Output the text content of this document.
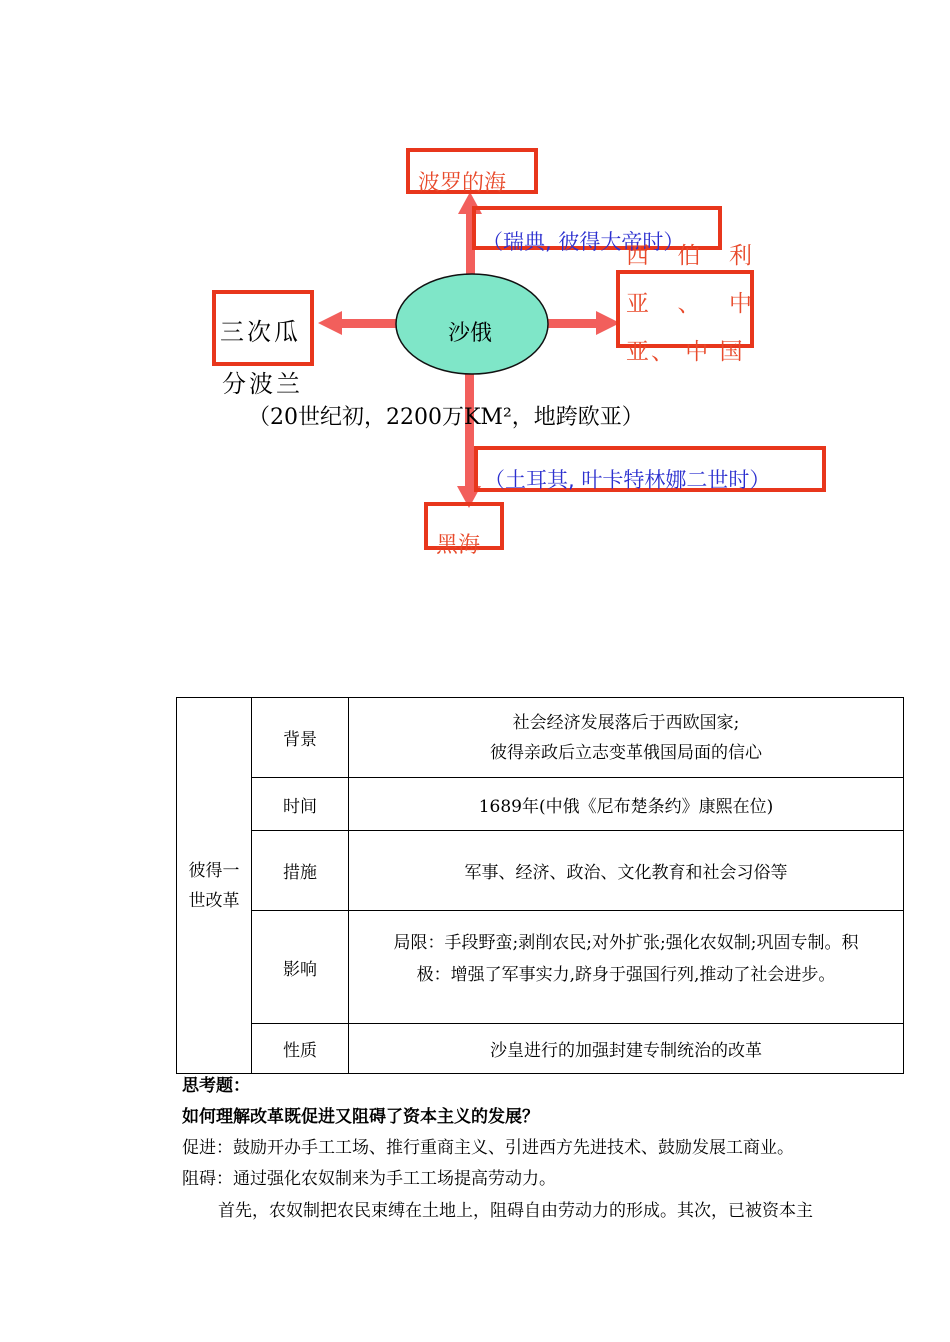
波罗的海
（瑞典, 彼得大帝时）
西 伯 利 亚、中 亚、 中 国
三次瓜
分波兰
沙俄
（20世纪初，2200万KM²，地跨欧亚）
（土耳其, 叶卡特林娜二世时）
黑海
彼得一世改革	背景	社会经济发展落后于西欧国家;
彼得亲政后立志变革俄国局面的信心

	时间	1689年(中俄《尼布楚条约》康熙在位)
	措施	军事、经济、政治、文化教育和社会习俗等
	影响	局限：手段野蛮;剥削农民;对外扩张;强化农奴制;巩固专制。积
极：增强了军事实力,跻身于强国行列,推动了社会进步。

	性质	沙皇进行的加强封建专制统治的改革
思考题：
如何理解改革既促进又阻碍了资本主义的发展？
促进：鼓励开办手工工场、推行重商主义、引进西方先进技术、鼓励发展工商业。
阻碍：通过强化农奴制来为手工工场提高劳动力。
首先，农奴制把农民束缚在土地上，阻碍自由劳动力的形成。其次，已被资本主
